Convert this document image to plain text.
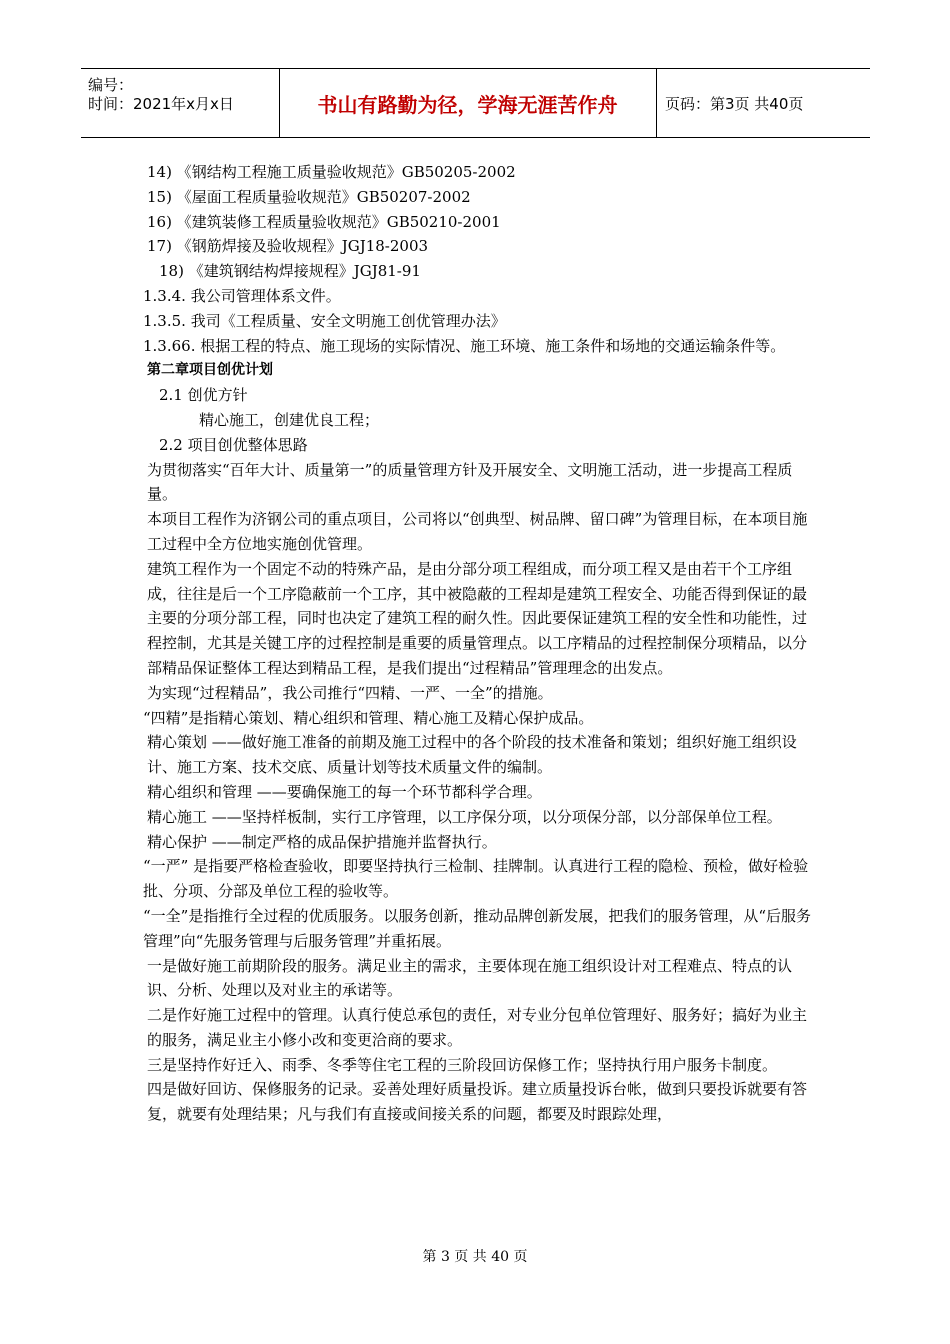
编号：
时间：2021年x月x日	书山有路勤为径，学海无涯苦作舟	页码：第3页 共40页

14) 《钢结构工程施工质量验收规范》GB50205-2002

15) 《屋面工程质量验收规范》GB50207-2002

16) 《建筑装修工程质量验收规范》GB50210-2001

17) 《钢筋焊接及验收规程》JGJ18-2003

18) 《建筑钢结构焊接规程》JGJ81-91

1.3.4. 我公司管理体系文件。

1.3.5. 我司《工程质量、安全文明施工创优管理办法》

1.3.66. 根据工程的特点、施工现场的实际情况、施工环境、施工条件和场地的交通运输条件等。

第二章项目创优计划

2.1 创优方针

精心施工，创建优良工程；

2.2 项目创优整体思路

为贯彻落实“百年大计、质量第一”的质量管理方针及开展安全、文明施工活动，进一步提高工程质量。

本项目工程作为济钢公司的重点项目，公司将以“创典型、树品牌、留口碑”为管理目标，在本项目施工过程中全方位地实施创优管理。

建筑工程作为一个固定不动的特殊产品，是由分部分项工程组成，而分项工程又是由若干个工序组成，往往是后一个工序隐蔽前一个工序，其中被隐蔽的工程却是建筑工程安全、功能否得到保证的最主要的分项分部工程，同时也决定了建筑工程的耐久性。因此要保证建筑工程的安全性和功能性，过程控制，尤其是关键工序的过程控制是重要的质量管理点。以工序精品的过程控制保分项精品，以分部精品保证整体工程达到精品工程，是我们提出“过程精品”管理理念的出发点。

为实现“过程精品”，我公司推行“四精、一严、一全”的措施。

“四精”是指精心策划、精心组织和管理、精心施工及精心保护成品。

精心策划 ——做好施工准备的前期及施工过程中的各个阶段的技术准备和策划；组织好施工组织设计、施工方案、技术交底、质量计划等技术质量文件的编制。

精心组织和管理 ——要确保施工的每一个环节都科学合理。

精心施工 ——坚持样板制，实行工序管理，以工序保分项，以分项保分部，以分部保单位工程。

精心保护 ——制定严格的成品保护措施并监督执行。

“一严” 是指要严格检查验收，即要坚持执行三检制、挂牌制。认真进行工程的隐检、预检，做好检验批、分项、分部及单位工程的验收等。

“一全”是指推行全过程的优质服务。以服务创新，推动品牌创新发展，把我们的服务管理，从“后服务管理”向“先服务管理与后服务管理”并重拓展。

一是做好施工前期阶段的服务。满足业主的需求，主要体现在施工组织设计对工程难点、特点的认识、分析、处理以及对业主的承诺等。

二是作好施工过程中的管理。认真行使总承包的责任，对专业分包单位管理好、服务好；搞好为业主的服务，满足业主小修小改和变更洽商的要求。

三是坚持作好迁入、雨季、冬季等住宅工程的三阶段回访保修工作；坚持执行用户服务卡制度。

四是做好回访、保修服务的记录。妥善处理好质量投诉。建立质量投诉台帐，做到只要投诉就要有答复，就要有处理结果；凡与我们有直接或间接关系的问题，都要及时跟踪处理，

第 3 页 共 40 页
